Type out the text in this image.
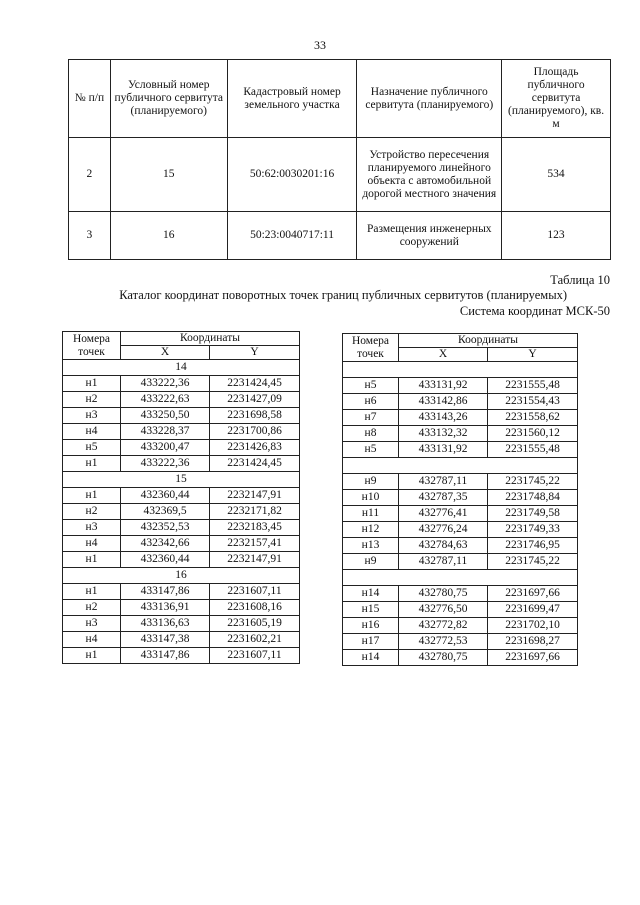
33
№ п/п	Условный номер публичного сервитута (планируемого)	Кадастровый номер земельного участка	Назначение публичного сервитута (планируемого)	Площадь публичного сервитута (планируемого), кв. м
2	15	50:62:0030201:16	Устройство пересечения планируемого линейного объекта с автомобильной дорогой местного значения	534
3	16	50:23:0040717:11	Размещения инженерных сооружений	123
Таблица 10
Каталог координат поворотных точек границ публичных сервитутов (планируемых)
Система координат МСК-50
Номера точек	Координаты	
	X	Y
14		
н1	433222,36	2231424,45
н2	433222,63	2231427,09
н3	433250,50	2231698,58
н4	433228,37	2231700,86
н5	433200,47	2231426,83
н1	433222,36	2231424,45
15		
н1	432360,44	2232147,91
н2	432369,5	2232171,82
н3	432352,53	2232183,45
н4	432342,66	2232157,41
н1	432360,44	2232147,91
16		
н1	433147,86	2231607,11
н2	433136,91	2231608,16
н3	433136,63	2231605,19
н4	433147,38	2231602,21
н1	433147,86	2231607,11
Номера точек	Координаты	
	X	Y

н5	433131,92	2231555,48
н6	433142,86	2231554,43
н7	433143,26	2231558,62
н8	433132,32	2231560,12
н5	433131,92	2231555,48

н9	432787,11	2231745,22
н10	432787,35	2231748,84
н11	432776,41	2231749,58
н12	432776,24	2231749,33
н13	432784,63	2231746,95
н9	432787,11	2231745,22

н14	432780,75	2231697,66
н15	432776,50	2231699,47
н16	432772,82	2231702,10
н17	432772,53	2231698,27
н14	432780,75	2231697,66
